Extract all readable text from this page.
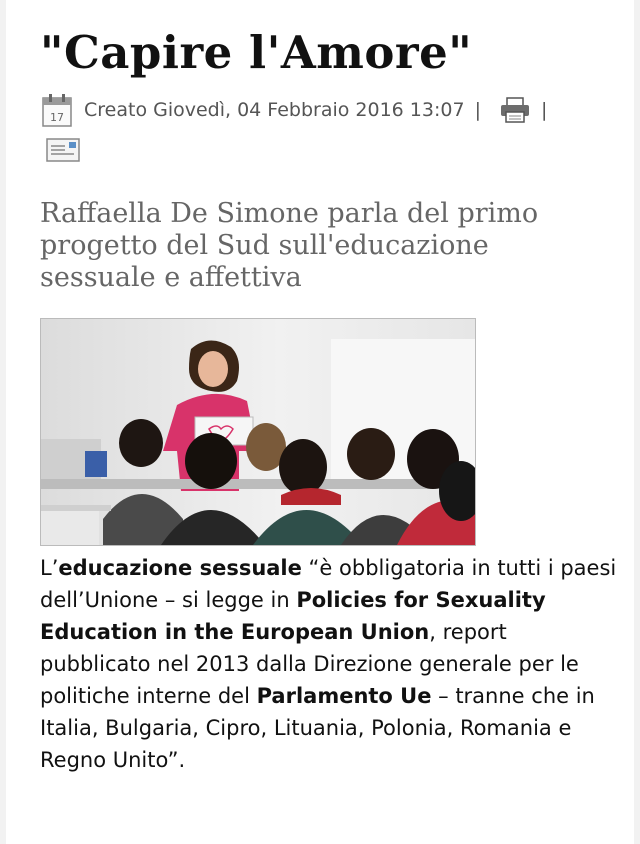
"Capire l'Amore"
17 Creato Giovedì, 04 Febbraio 2016 13:07 |	|
Raffaella De Simone parla del primo progetto del Sud sull'educazione sessuale e affettiva
L’educazione sessuale “è obbligatoria in tutti i paesi dell’Unione – si legge in Policies for Sexuality Education in the European Union, report pubblicato nel 2013 dalla Direzione generale per le politiche interne del Parlamento Ue – tranne che in Italia, Bulgaria, Cipro, Lituania, Polonia, Romania e Regno Unito”.
